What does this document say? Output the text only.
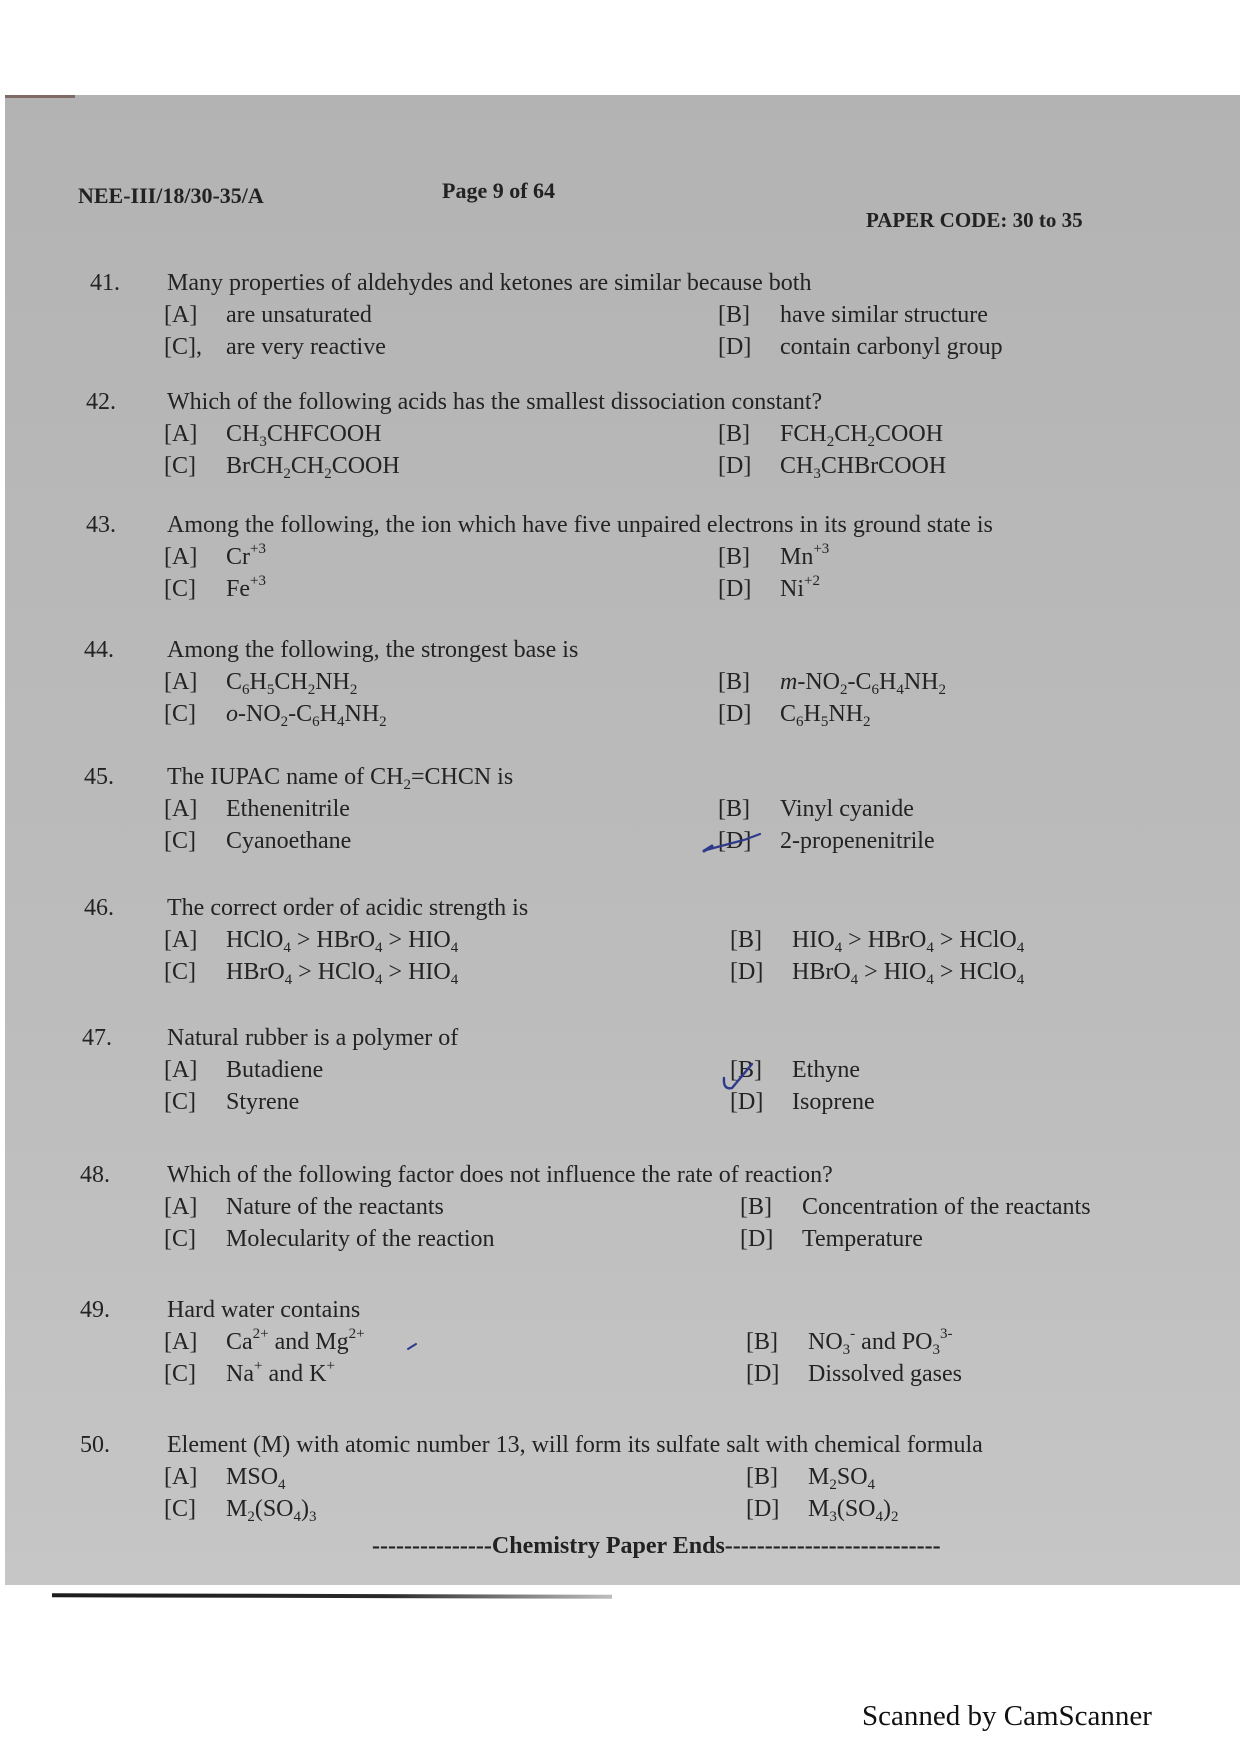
NEE-III/18/30-35/A	Page 9 of 64
PAPER CODE: 30 to 35
41. Many properties of aldehydes and ketones are similar because both
[A] are unsaturated	[B] have similar structure
[C], are very reactive	[D] contain carbonyl group
42. Which of the following acids has the smallest dissociation constant?
[A] $CH_3CHFCOOH$	[B] $FCH_2CH_2COOH$
[C] $BrCH_2CH_2COOH$	[D] $CH_3CHBrCOOH$
43. Among the following, the ion which have five unpaired electrons in its ground state is
[A] $Cr^{+3}$	[B] $Mn^{+3}$
[C] $Fe^{+3}$	[D] $Ni^{+2}$
44. Among the following, the strongest base is
[A] $C_6H_5CH_2NH_2$	[B] $m-NO_2-C_6H_4NH_2$
[C] $o-NO_2-C_6H_4NH_2$	[D] $C_6H_5NH_2$
45. The IUPAC name of $CH_2=CHCN$ is
[A] Ethenenitrile	[B] Vinyl cyanide
[C] Cyanoethane	[D] 2-propenenitrile
46. The correct order of acidic strength is
[A] HClO$_4$ > HBrO$_4$ > $HIO_4$	[B] $HIO_4$ > HBrO$_4$ > HClO$_4$
[C] HBrO$_4$ > HClO$_4$ > $HIO_4$	[D] HBrO$_4$ > $HIO_4$ > HClO$_4$
47. Natural rubber is a polymer of
[A] Butadiene	[B] Ethyne
[C] Styrene	[D] Isoprene
48. Which of the following factor does not influence the rate of reaction?
[A] Nature of the reactants	[B] Concentration of the reactants
[C] Molecularity of the reaction	[D] Temperature
49. Hard water contains
[A] $Ca^{2+}$ and $Mg^{2+}$	[B] $NO_3^-$ and $PO_3^{3-}$
[C] Na+ and K+	[D] Dissolved gases
50. Element (M) with atomic number 13, will form its sulfate salt with chemical formula
[A] $MSO_4$	[B] $M_2SO_4$
[C] $M_2(SO_4)_3$	[D] $M_3(SO_4)_2$
---------------Chemistry Paper Ends---------------------------
Scanned by CamScanner
